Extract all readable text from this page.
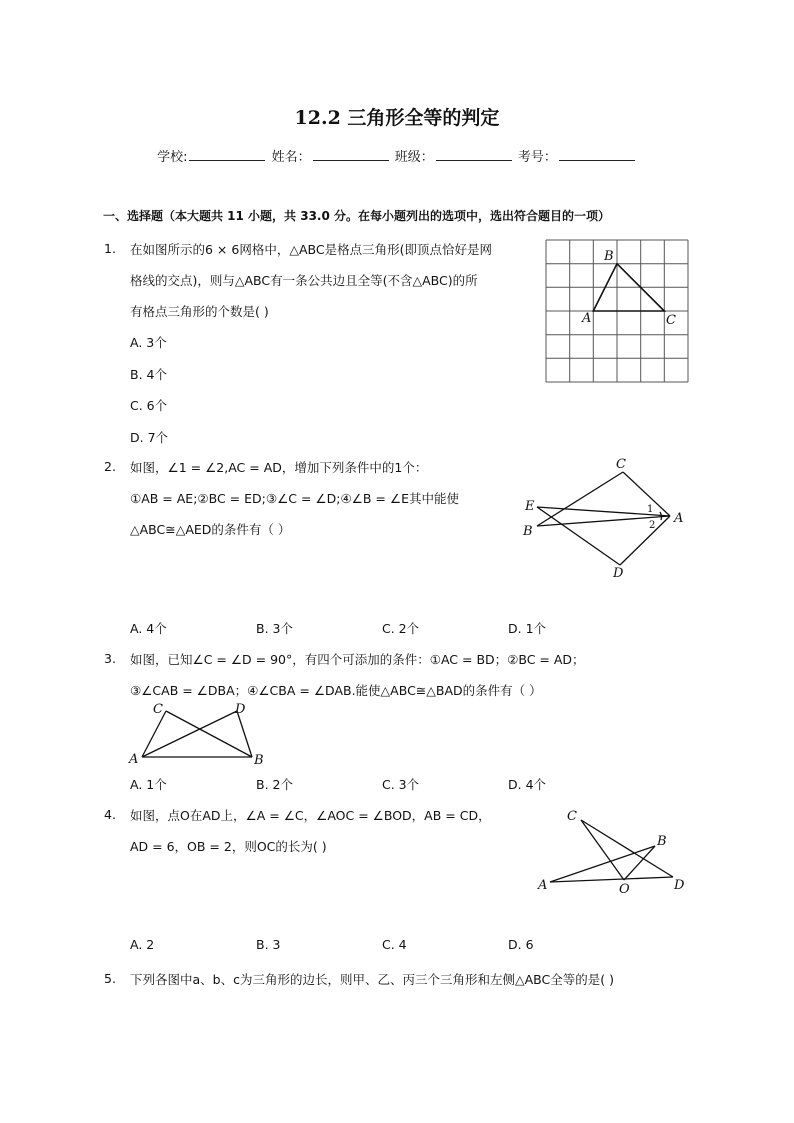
12.2 三角形全等的判定
学校:	姓名：	班级：	考号：
一、选择题（本大题共 11 小题，共 33.0 分。在每小题列出的选项中，选出符合题目的一项）
1. 在如图所示的6 × 6网格中，△ABC是格点三角形(即顶点恰好是网
格线的交点)，则与△ABC有一条公共边且全等(不含△ABC)的所
有格点三角形的个数是( )
A. 3个
B. 4个
C. 6个
D. 7个
B
A	C
2. 如图，∠1 = ∠2,AC = AD，增加下列条件中的1个：
①AB = AE;②BC = ED;③∠C = ∠D;④∠B = ∠E其中能使
△ABC≅△AED的条件有（ ）
C
E
B
A
D
1
2
A. 4个	B. 3个	C. 2个	D. 1个
3. 如图，已知∠C = ∠D = 90°，有四个可添加的条件：①AC = BD；②BC = AD；
③∠CAB = ∠DBA；④∠CBA = ∠DAB.能使△ABC≅△BAD的条件有（ ）
C	D
A	B
A. 1个	B. 2个	C. 3个	D. 4个
4. 如图，点O在AD上，∠A = ∠C，∠AOC = ∠BOD，AB = CD，
AD = 6，OB = 2，则OC的长为( )
C
B
A	O	D
A. 2	B. 3	C. 4	D. 6
5. 下列各图中a、b、c为三角形的边长，则甲、乙、丙三个三角形和左侧△ABC全等的是( )
